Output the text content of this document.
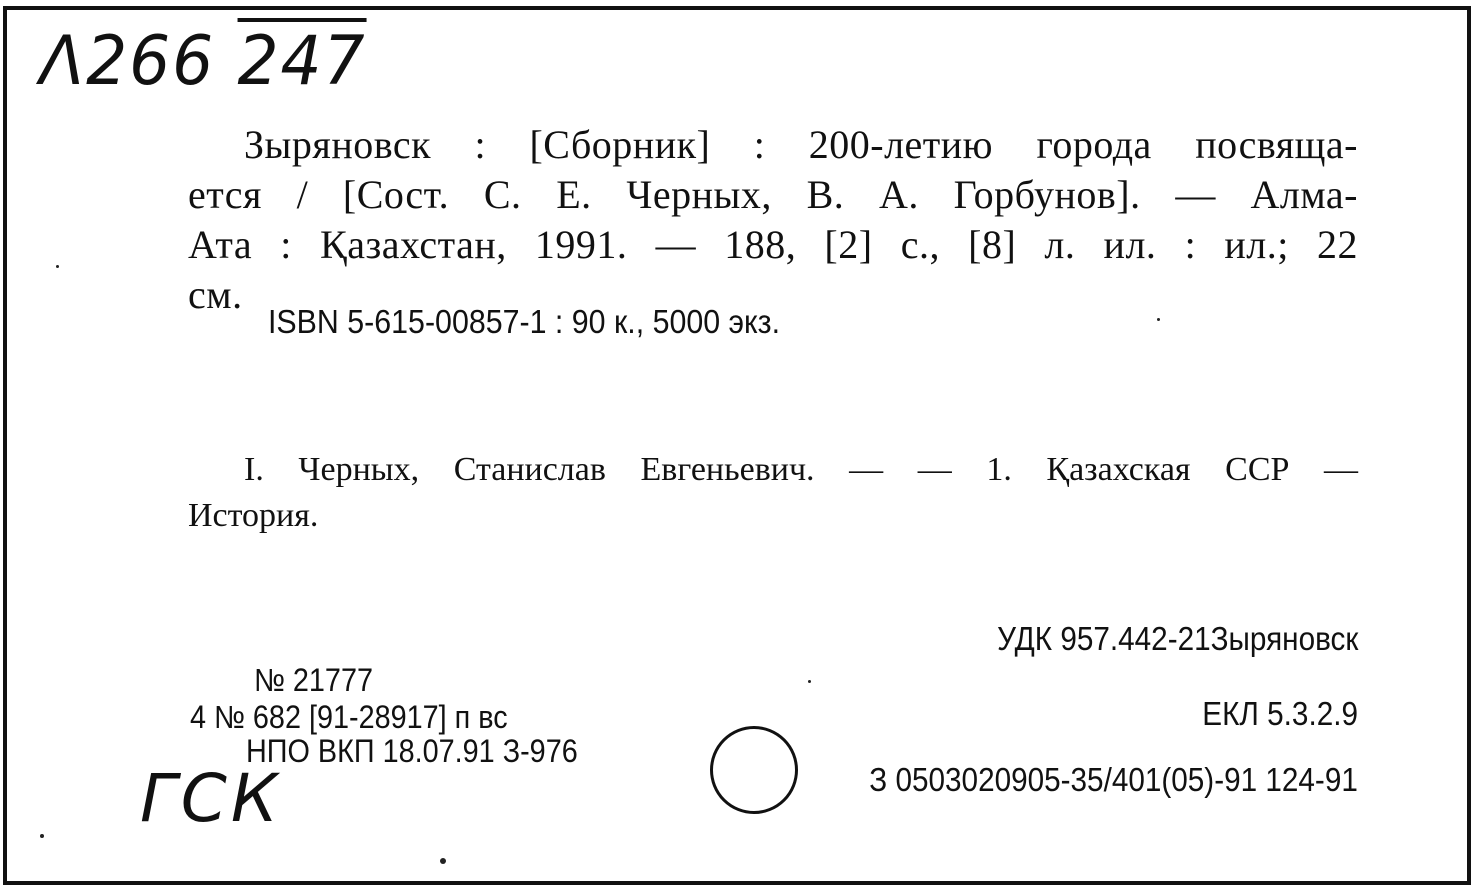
Λ266 247
Зыряновск : [Сборник] : 200-летию города посвяща-
ется / [Сост. С. Е. Черных, В. А. Горбунов]. — Алма-
Ата : Қазахстан, 1991. — 188, [2] с., [8] л. ил. : ил.; 22
см.
ISBN 5-615-00857-1 : 90 к., 5000 экз.
I. Черных, Станислав Евгеньевич. — — 1. Қазахская ССР —
История.
УДК 957.442-21Зыряновск
ЕКЛ 5.3.2.9
№ 21777
4 № 682 [91-28917] п вс
НПО ВКП 18.07.91 З-976
З 0503020905-35/401(05)-91 124-91
ГСК
